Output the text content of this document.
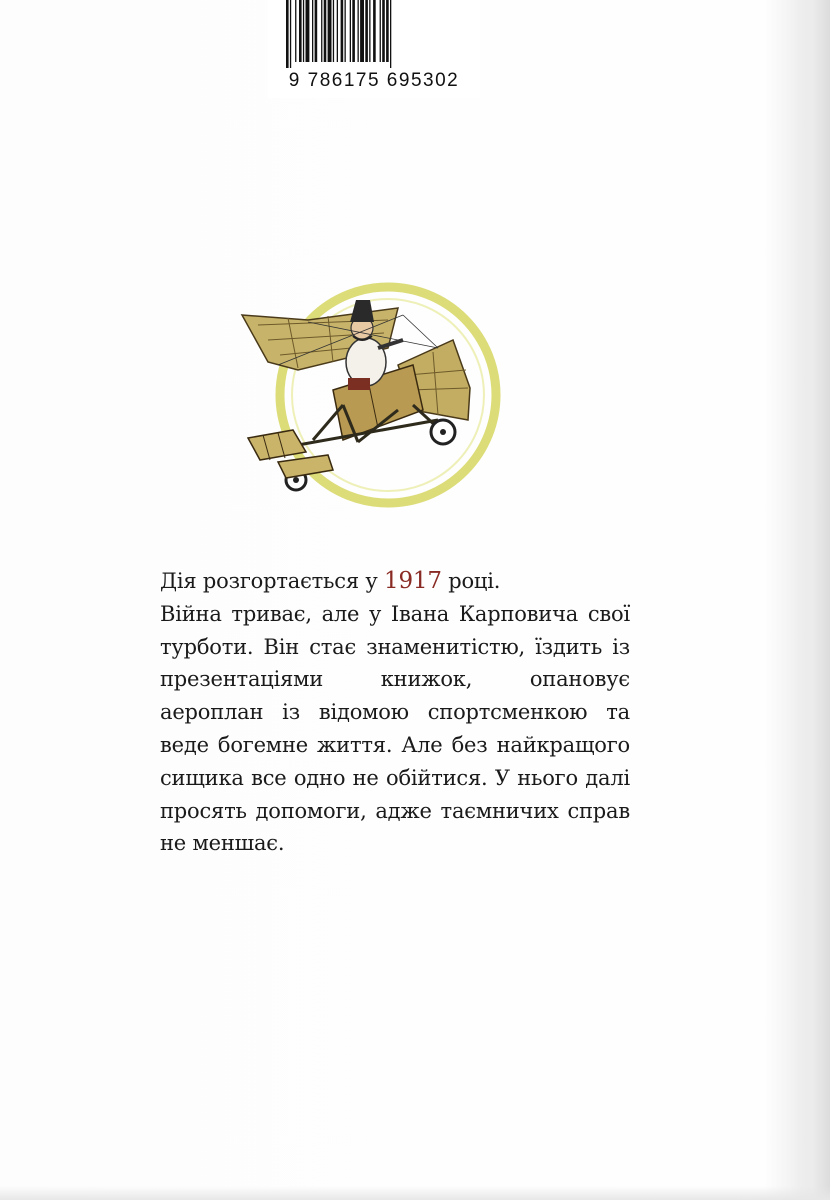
9 786175 695302

Дія розгортається у 1917 році.

Війна триває, але у Івана Карповича свої турботи. Він стає знаменитістю, їздить із презентаціями книжок, опановує аероплан із відомою спортсменкою та веде богемне життя. Але без найкращого сищика все одно не обійтися. У нього далі просять допомоги, адже таємничих справ не меншає.
